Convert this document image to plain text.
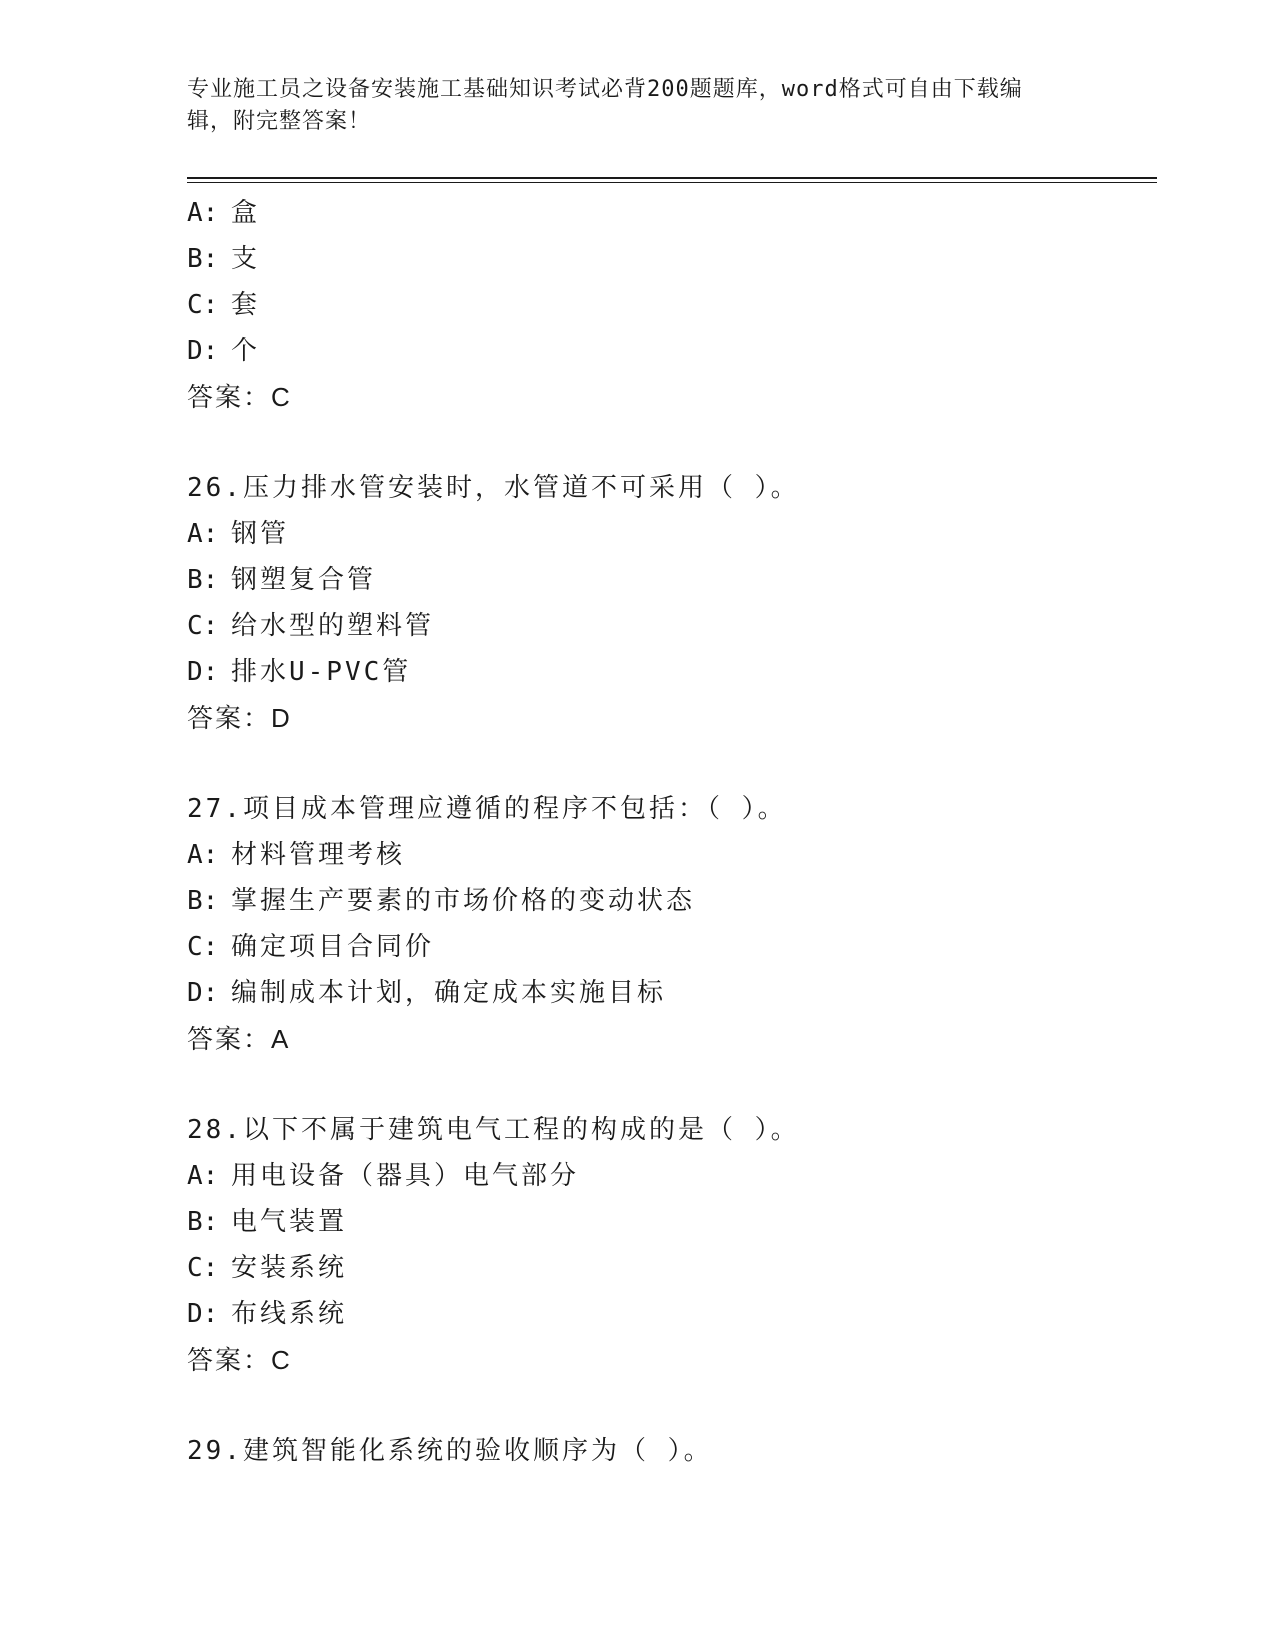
专业施工员之设备安装施工基础知识考试必背200题题库，word格式可自由下载编辑，附完整答案！
A: 盒
B: 支
C: 套
D: 个
答案：C
26.压力排水管安装时，水管道不可采用（ ）。
A: 钢管
B: 钢塑复合管
C: 给水型的塑料管
D: 排水U-PVC管
答案：D
27.项目成本管理应遵循的程序不包括：（ ）。
A: 材料管理考核
B: 掌握生产要素的市场价格的变动状态
C: 确定项目合同价
D: 编制成本计划，确定成本实施目标
答案：A
28.以下不属于建筑电气工程的构成的是（ ）。
A: 用电设备（器具）电气部分
B: 电气装置
C: 安装系统
D: 布线系统
答案：C
29.建筑智能化系统的验收顺序为（ ）。
